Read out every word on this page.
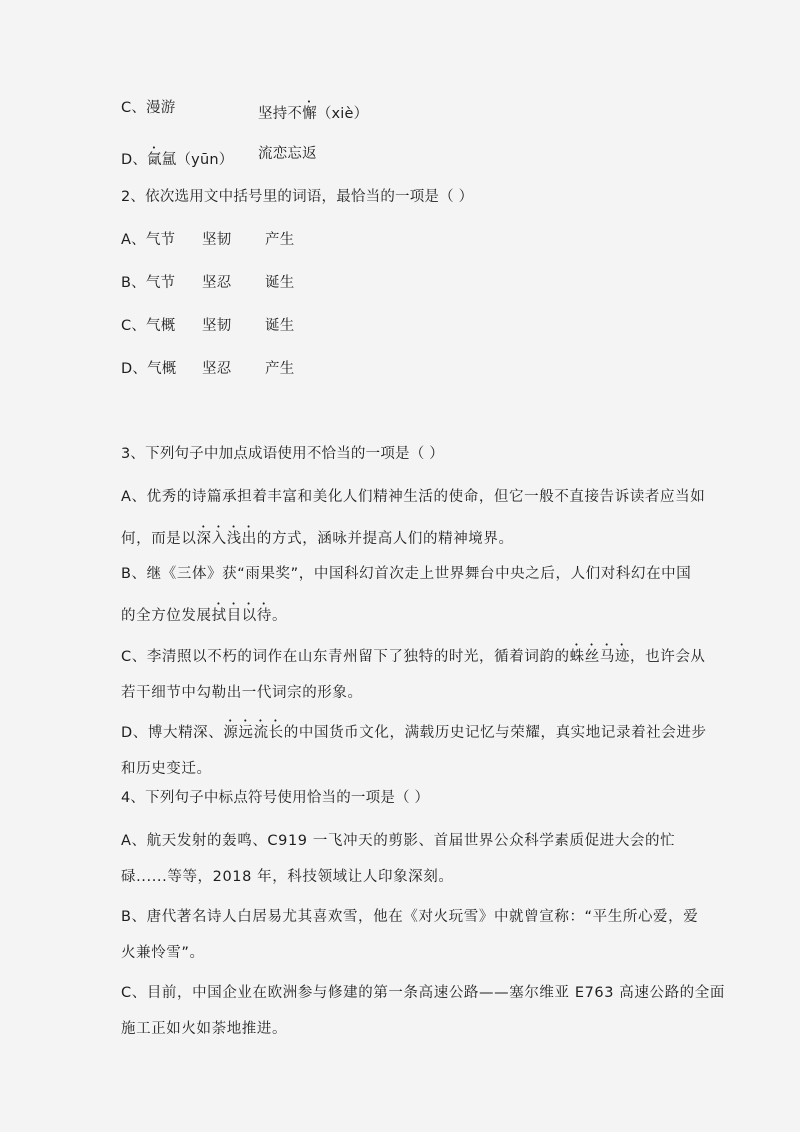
C、漫游	坚持不懈（xiè）
D、氤氲（yūn） 流恋忘返
2、依次选用文中括号里的词语，最恰当的一项是（ ）
A、气节 坚韧 产生
B、气节 坚忍 诞生
C、气概 坚韧 诞生
D、气概 坚忍 产生
3、下列句子中加点成语使用不恰当的一项是（ ）
A、优秀的诗篇承担着丰富和美化人们精神生活的使命，但它一般不直接告诉读者应当如
何，而是以深入浅出的方式，涵咏并提高人们的精神境界。
B、继《三体》获“雨果奖”，中国科幻首次走上世界舞台中央之后，人们对科幻在中国
的全方位发展拭目以待。
C、李清照以不朽的词作在山东青州留下了独特的时光，循着词韵的蛛丝马迹，也许会从
若干细节中勾勒出一代词宗的形象。
D、博大精深、源远流长的中国货币文化，满载历史记忆与荣耀，真实地记录着社会进步
和历史变迁。
4、下列句子中标点符号使用恰当的一项是（ ）
A、航天发射的轰鸣、C919 一飞冲天的剪影、首届世界公众科学素质促进大会的忙
碌......等等，2018 年，科技领域让人印象深刻。
B、唐代著名诗人白居易尤其喜欢雪，他在《对火玩雪》中就曾宣称：“平生所心爱，爱
火兼怜雪”。
C、目前，中国企业在欧洲参与修建的第一条高速公路——塞尔维亚 E763 高速公路的全面
施工正如火如荼地推进。
